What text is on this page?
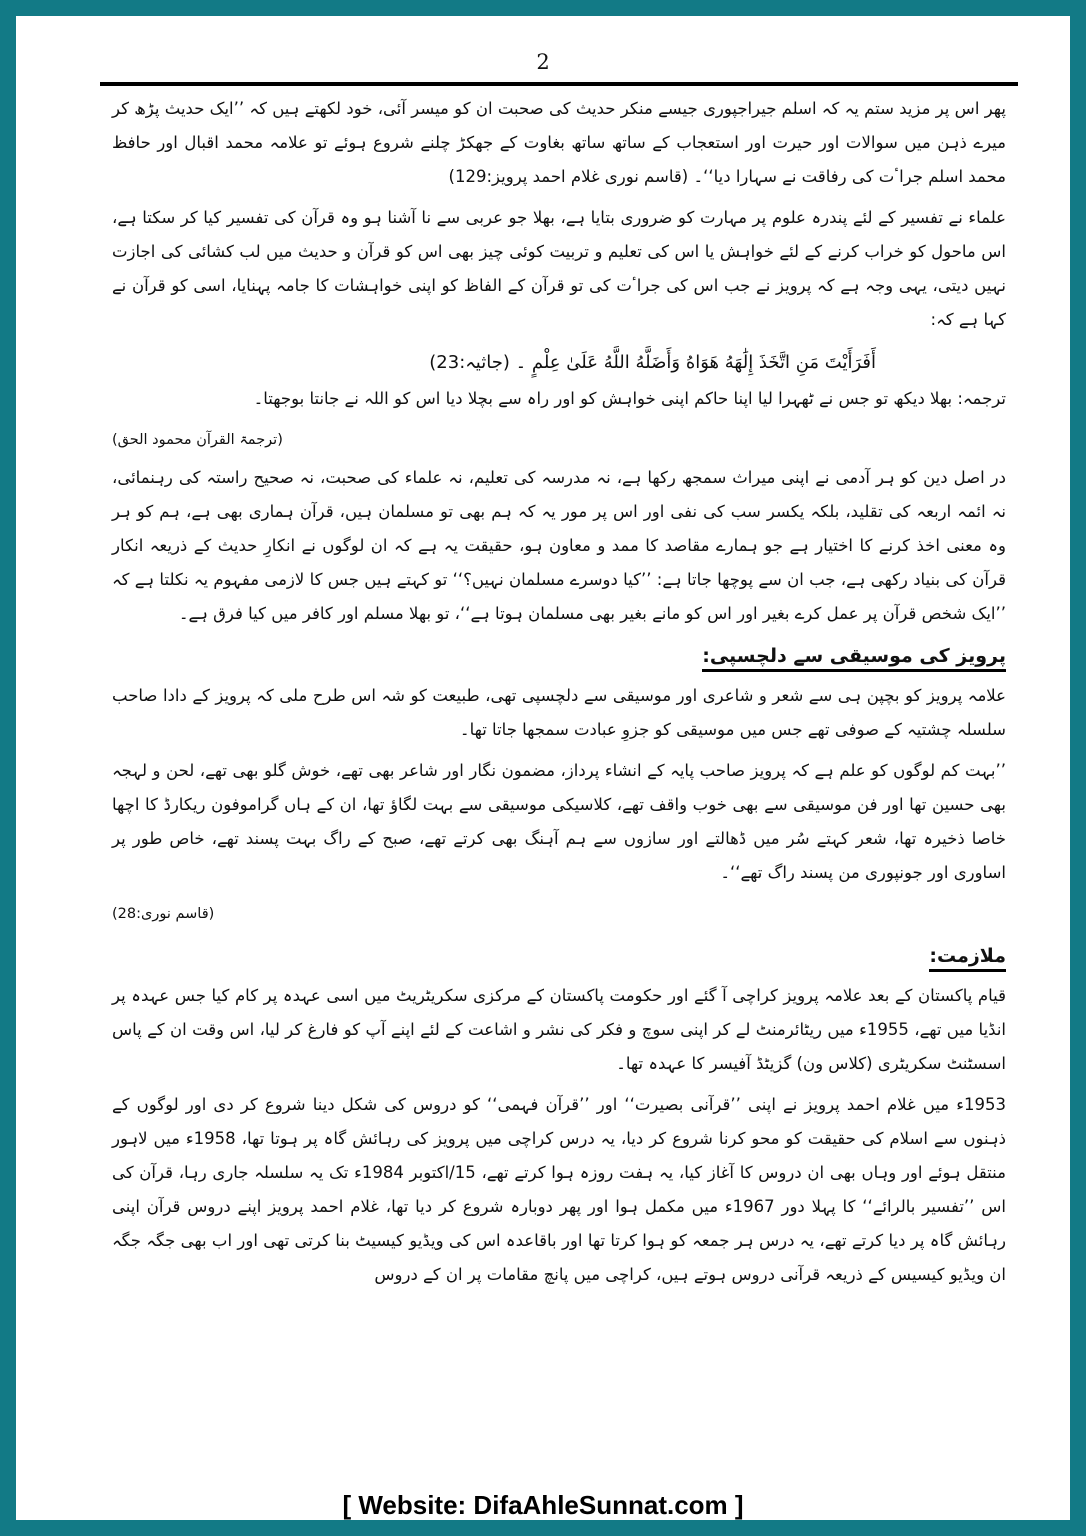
2

پھر اس پر مزید ستم یہ کہ اسلم جیراجپوری جیسے منکر حدیث کی صحبت ان کو میسر آئی، خود لکھتے ہیں کہ ’’ایک حدیث پڑھ کر میرے ذہن میں سوالات اور حیرت اور استعجاب کے ساتھ ساتھ بغاوت کے جھکڑ چلنے شروع ہوئے تو علامہ محمد اقبال اور حافظ محمد اسلم جراٴت کی رفاقت نے سہارا دیا‘‘۔ (قاسم نوری غلام احمد پرویز:129)

علماء نے تفسیر کے لئے پندرہ علوم پر مہارت کو ضروری بتایا ہے، بھلا جو عربی سے نا آشنا ہو وہ قرآن کی تفسیر کیا کر سکتا ہے، اس ماحول کو خراب کرنے کے لئے خواہش یا اس کی تعلیم و تربیت کوئی چیز بھی اس کو قرآن و حدیث میں لب کشائی کی اجازت نہیں دیتی، یہی وجہ ہے کہ پرویز نے جب اس کی جراٴت کی تو قرآن کے الفاظ کو اپنی خواہشات کا جامہ پہنایا، اسی کو قرآن نے کہا ہے کہ:

أَفَرَأَيْتَ مَنِ اتَّخَذَ إِلَٰهَهُ هَوَاهُ وَأَضَلَّهُ اللَّهُ عَلَىٰ عِلْمٍ ۔ (جاثیہ:23)

ترجمہ: بھلا دیکھ تو جس نے ٹھہرا لیا اپنا حاکم اپنی خواہش کو اور راہ سے بچلا دیا اس کو اللہ نے جانتا بوجھتا۔

(ترجمۃ القرآن محمود الحق)

در اصل دین کو ہر آدمی نے اپنی میراث سمجھ رکھا ہے، نہ مدرسہ کی تعلیم، نہ علماء کی صحبت، نہ صحیح راستہ کی رہنمائی، نہ ائمہ اربعہ کی تقلید، بلکہ یکسر سب کی نفی اور اس پر مور یہ کہ ہم بھی تو مسلمان ہیں، قرآن ہماری بھی ہے، ہم کو ہر وہ معنی اخذ کرنے کا اختیار ہے جو ہمارے مقاصد کا ممد و معاون ہو، حقیقت یہ ہے کہ ان لوگوں نے انکارِ حدیث کے ذریعہ انکار قرآن کی بنیاد رکھی ہے، جب ان سے پوچھا جاتا ہے: ’’کیا دوسرے مسلمان نہیں؟‘‘ تو کہتے ہیں جس کا لازمی مفہوم یہ نکلتا ہے کہ ’’ایک شخص قرآن پر عمل کرے بغیر اور اس کو مانے بغیر بھی مسلمان ہوتا ہے‘‘، تو بھلا مسلم اور کافر میں کیا فرق ہے۔

پرویز کی موسیقی سے دلچسپی:

علامہ پرویز کو بچپن ہی سے شعر و شاعری اور موسیقی سے دلچسپی تھی، طبیعت کو شہ اس طرح ملی کہ پرویز کے دادا صاحب سلسلہ چشتیہ کے صوفی تھے جس میں موسیقی کو جزوِ عبادت سمجھا جاتا تھا۔

’’بہت کم لوگوں کو علم ہے کہ پرویز صاحب پایہ کے انشاء پرداز، مضمون نگار اور شاعر بھی تھے، خوش گلو بھی تھے، لحن و لہجہ بھی حسین تھا اور فن موسیقی سے بھی خوب واقف تھے، کلاسیکی موسیقی سے بہت لگاؤ تھا، ان کے ہاں گراموفون ریکارڈ کا اچھا خاصا ذخیرہ تھا، شعر کہتے سُر میں ڈھالتے اور سازوں سے ہم آہنگ بھی کرتے تھے، صبح کے راگ بہت پسند تھے، خاص طور پر اساوری اور جونپوری من پسند راگ تھے‘‘۔

(قاسم نوری:28)
ملازمت:

قیام پاکستان کے بعد علامہ پرویز کراچی آ گئے اور حکومت پاکستان کے مرکزی سکریٹریٹ میں اسی عہدہ پر کام کیا جس عہدہ پر انڈیا میں تھے، 1955ء میں ریٹائرمنٹ لے کر اپنی سوچ و فکر کی نشر و اشاعت کے لئے اپنے آپ کو فارغ کر لیا، اس وقت ان کے پاس اسسٹنٹ سکریٹری (کلاس ون) گزیٹڈ آفیسر کا عہدہ تھا۔

1953ء میں غلام احمد پرویز نے اپنی ’’قرآنی بصیرت‘‘ اور ’’قرآن فہمی‘‘ کو دروس کی شکل دینا شروع کر دی اور لوگوں کے ذہنوں سے اسلام کی حقیقت کو محو کرنا شروع کر دیا، یہ درس کراچی میں پرویز کی رہائش گاہ پر ہوتا تھا، 1958ء میں لاہور منتقل ہوئے اور وہاں بھی ان دروس کا آغاز کیا، یہ ہفت روزہ ہوا کرتے تھے، 15/اکتوبر 1984ء تک یہ سلسلہ جاری رہا، قرآن کی اس ’’تفسیر بالرائے‘‘ کا پہلا دور 1967ء میں مکمل ہوا اور پھر دوبارہ شروع کر دیا تھا، غلام احمد پرویز اپنے دروس قرآن اپنی رہائش گاہ پر دیا کرتے تھے، یہ درس ہر جمعہ کو ہوا کرتا تھا اور باقاعدہ اس کی ویڈیو کیسیٹ بنا کرتی تھی اور اب بھی جگہ جگہ ان ویڈیو کیسیس کے ذریعہ قرآنی دروس ہوتے ہیں، کراچی میں پانچ مقامات پر ان کے دروس

[ Website: DifaAhleSunnat.com ]
